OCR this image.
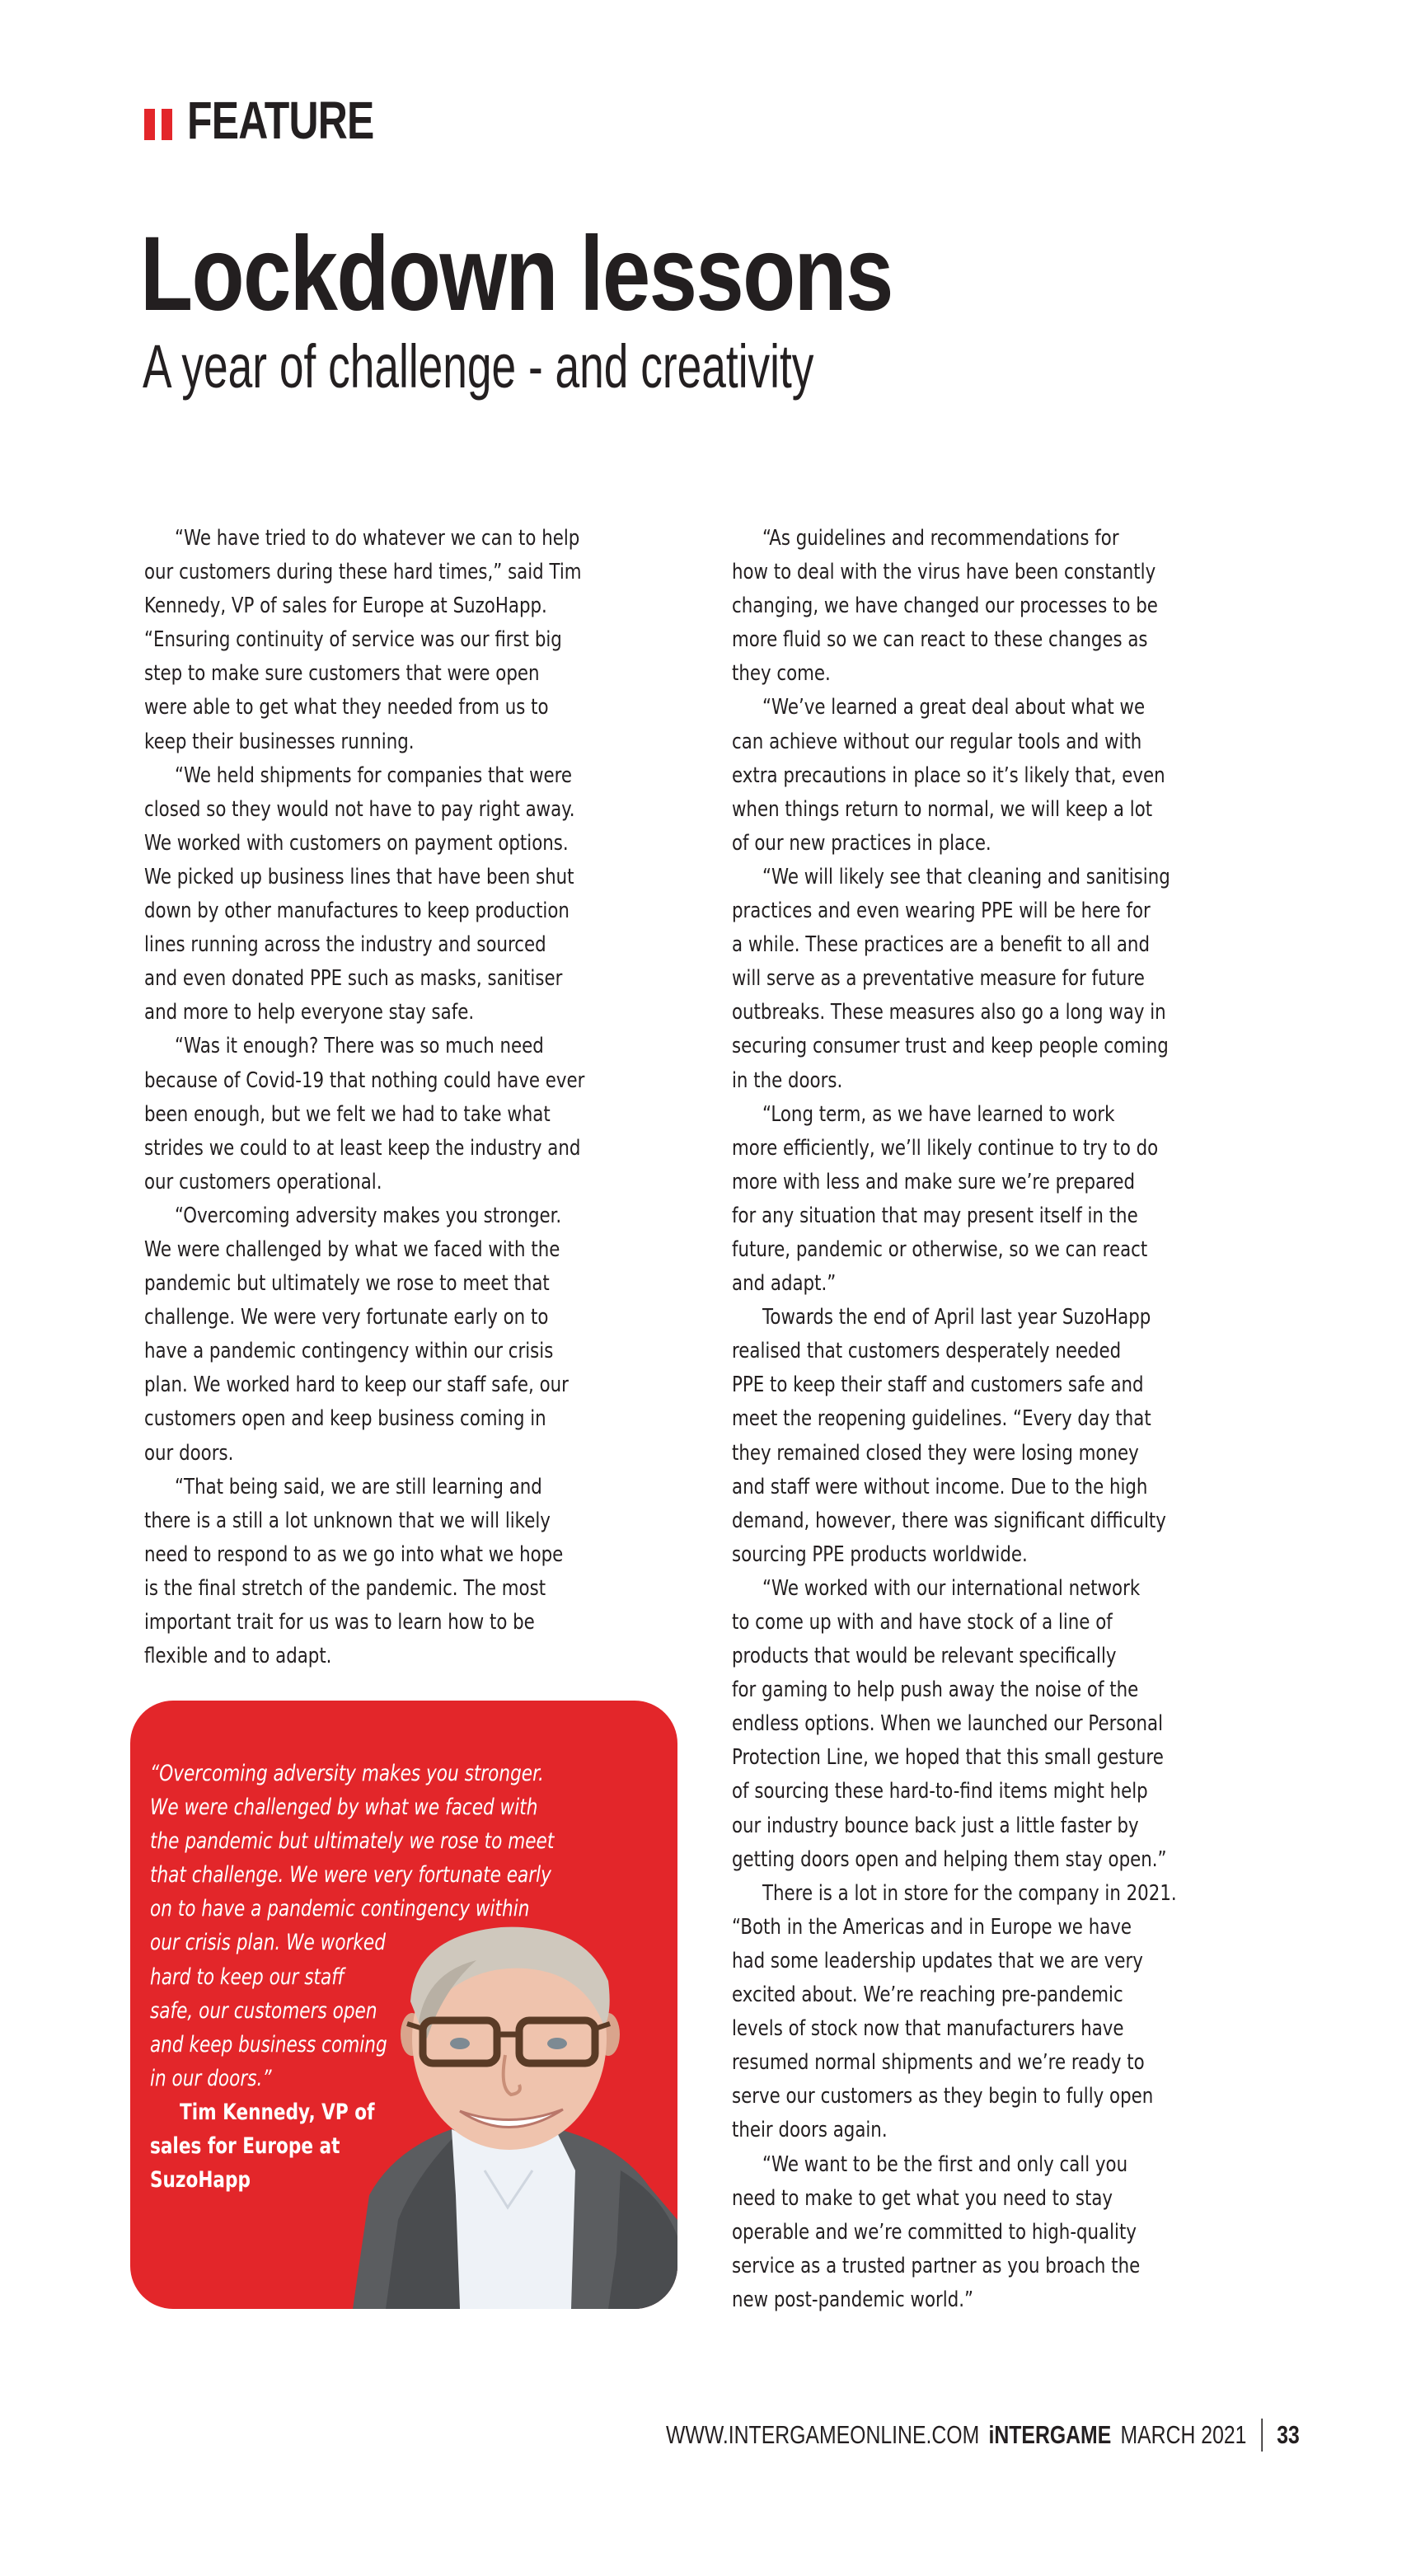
FEATURE
Lockdown lessons
A year of challenge - and creativity
“We have tried to do whatever we can to help
our customers during these hard times,” said Tim
Kennedy, VP of sales for Europe at SuzoHapp.
“Ensuring continuity of service was our first big
step to make sure customers that were open
were able to get what they needed from us to
keep their businesses running.
“We held shipments for companies that were
closed so they would not have to pay right away.
We worked with customers on payment options.
We picked up business lines that have been shut
down by other manufactures to keep production
lines running across the industry and sourced
and even donated PPE such as masks, sanitiser
and more to help everyone stay safe.
“Was it enough? There was so much need
because of Covid-19 that nothing could have ever
been enough, but we felt we had to take what
strides we could to at least keep the industry and
our customers operational.
“Overcoming adversity makes you stronger.
We were challenged by what we faced with the
pandemic but ultimately we rose to meet that
challenge. We were very fortunate early on to
have a pandemic contingency within our crisis
plan. We worked hard to keep our staff safe, our
customers open and keep business coming in
our doors.
“That being said, we are still learning and
there is a still a lot unknown that we will likely
need to respond to as we go into what we hope
is the final stretch of the pandemic. The most
important trait for us was to learn how to be
flexible and to adapt.
“As guidelines and recommendations for
how to deal with the virus have been constantly
changing, we have changed our processes to be
more fluid so we can react to these changes as
they come.
“We’ve learned a great deal about what we
can achieve without our regular tools and with
extra precautions in place so it’s likely that, even
when things return to normal, we will keep a lot
of our new practices in place.
“We will likely see that cleaning and sanitising
practices and even wearing PPE will be here for
a while. These practices are a benefit to all and
will serve as a preventative measure for future
outbreaks. These measures also go a long way in
securing consumer trust and keep people coming
in the doors.
“Long term, as we have learned to work
more efficiently, we’ll likely continue to try to do
more with less and make sure we’re prepared
for any situation that may present itself in the
future, pandemic or otherwise, so we can react
and adapt.”
Towards the end of April last year SuzoHapp
realised that customers desperately needed
PPE to keep their staff and customers safe and
meet the reopening guidelines. “Every day that
they remained closed they were losing money
and staff were without income. Due to the high
demand, however, there was significant difficulty
sourcing PPE products worldwide.
“We worked with our international network
to come up with and have stock of a line of
products that would be relevant specifically
for gaming to help push away the noise of the
endless options. When we launched our Personal
Protection Line, we hoped that this small gesture
of sourcing these hard-to-find items might help
our industry bounce back just a little faster by
getting doors open and helping them stay open.”
There is a lot in store for the company in 2021.
“Both in the Americas and in Europe we have
had some leadership updates that we are very
excited about. We’re reaching pre-pandemic
levels of stock now that manufacturers have
resumed normal shipments and we’re ready to
serve our customers as they begin to fully open
their doors again.
“We want to be the first and only call you
need to make to get what you need to stay
operable and we’re committed to high-quality
service as a trusted partner as you broach the
new post-pandemic world.”
“Overcoming adversity makes you stronger.
We were challenged by what we faced with
the pandemic but ultimately we rose to meet
that challenge. We were very fortunate early
on to have a pandemic contingency within
our crisis plan. We worked
hard to keep our staff
safe, our customers open
and keep business coming
in our doors.”
Tim Kennedy, VP of
sales for Europe at
SuzoHapp
WWW.INTERGAMEONLINE.COM iNTERGAME MARCH 2021 33
